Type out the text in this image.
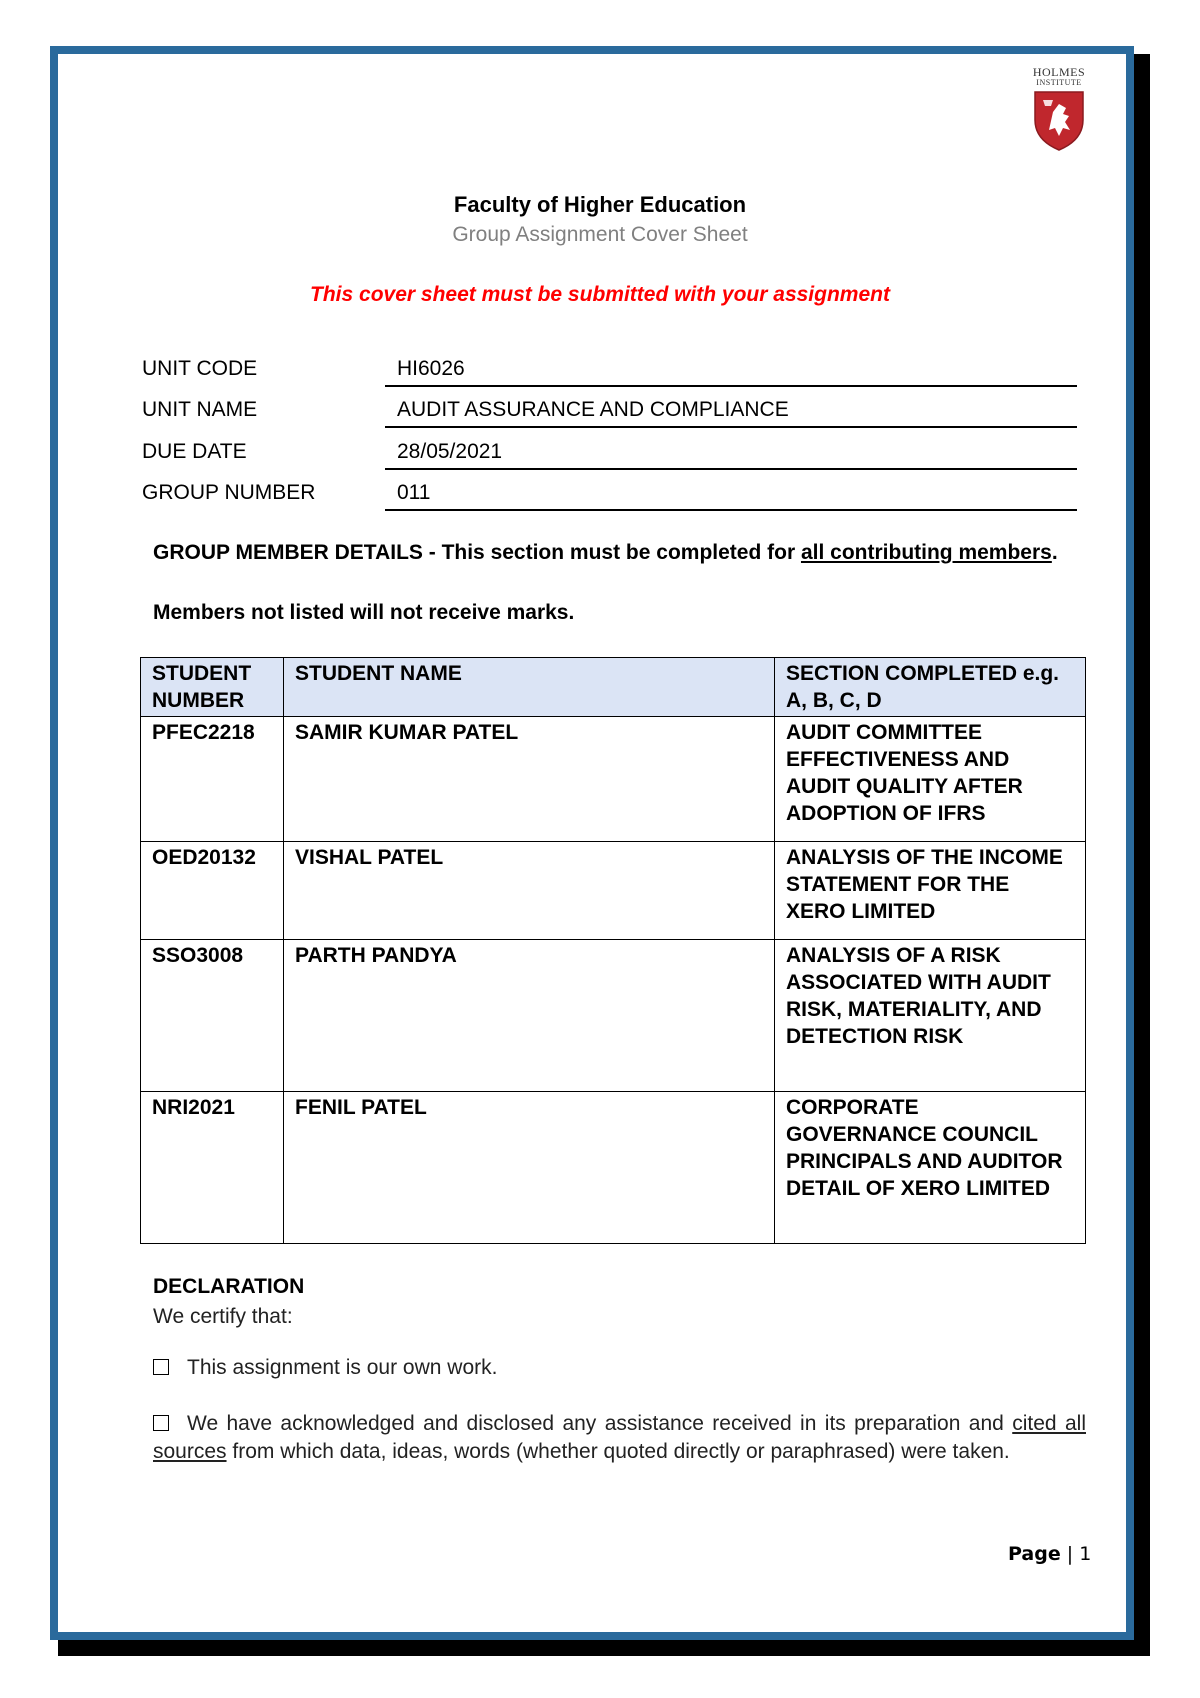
HOLMES
INSTITUTE
Faculty of Higher Education
Group Assignment Cover Sheet
This cover sheet must be submitted with your assignment
UNIT CODE	HI6026
UNIT NAME	AUDIT ASSURANCE AND COMPLIANCE
DUE DATE	28/05/2021
GROUP NUMBER	011
GROUP MEMBER DETAILS - This section must be completed for all contributing members.
Members not listed will not receive marks.
STUDENT NUMBER	STUDENT NAME	SECTION COMPLETED e.g. A, B, C, D
PFEC2218	SAMIR KUMAR PATEL	AUDIT COMMITTEE EFFECTIVENESS AND AUDIT QUALITY AFTER ADOPTION OF IFRS
OED20132	VISHAL PATEL	ANALYSIS OF THE INCOME STATEMENT FOR THE XERO LIMITED
SSO3008	PARTH PANDYA	ANALYSIS OF A RISK ASSOCIATED WITH AUDIT RISK, MATERIALITY, AND DETECTION RISK
NRI2021	FENIL PATEL	CORPORATE GOVERNANCE COUNCIL PRINCIPALS AND AUDITOR DETAIL OF XERO LIMITED
DECLARATION
We certify that:
This assignment is our own work.
We have acknowledged and disclosed any assistance received in its preparation and cited all sources from which data, ideas, words (whether quoted directly or paraphrased) were taken.
Page | 1
